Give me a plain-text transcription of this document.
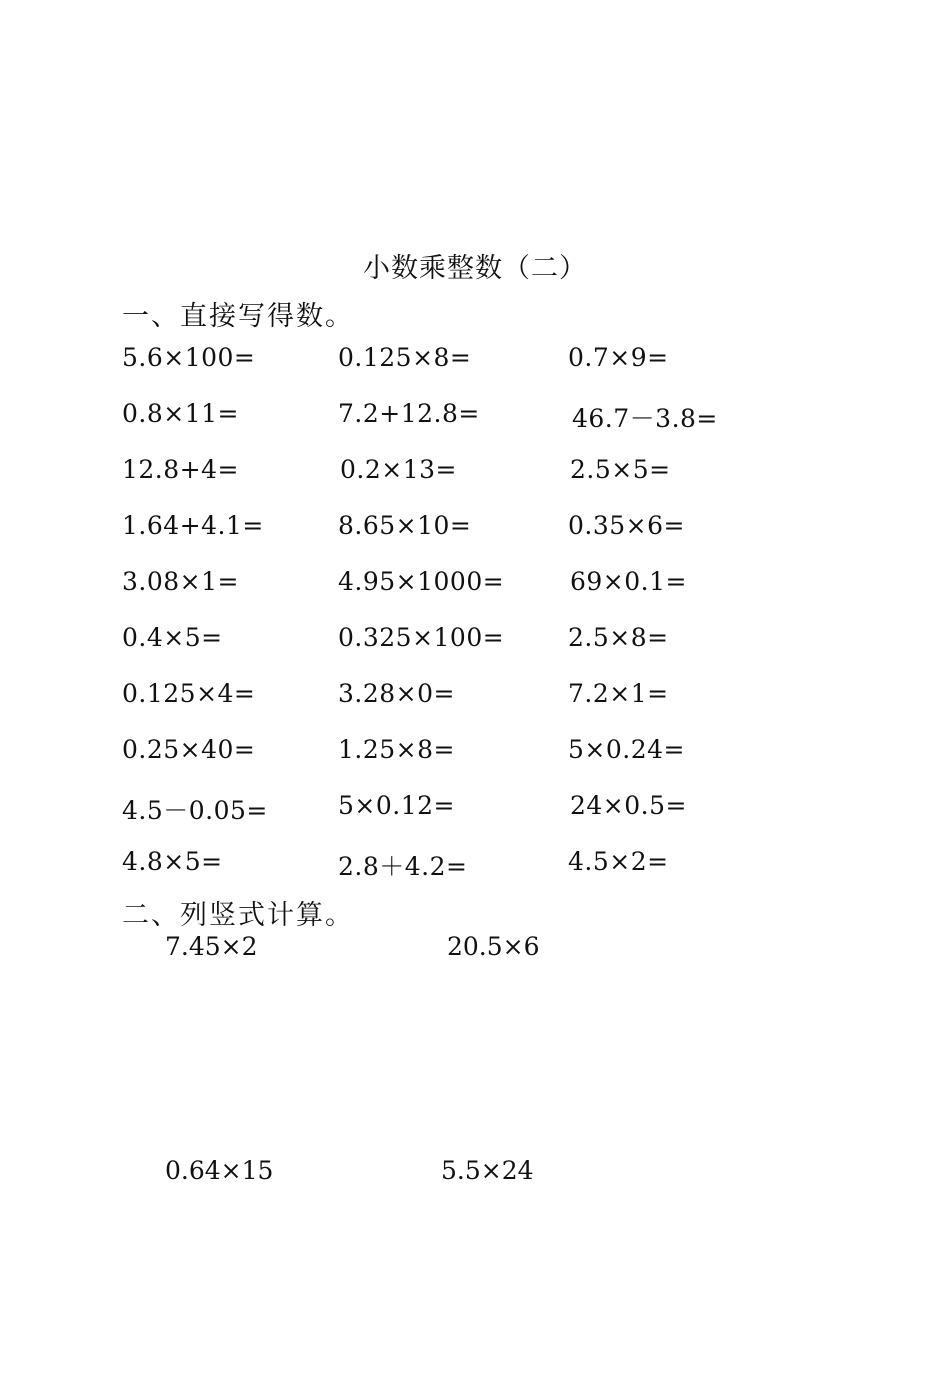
小数乘整数（二）
一、直接写得数。
5.6×100=	0.125×8=	0.7×9=
0.8×11=	7.2+12.8=	46.7－3.8=
12.8+4=	0.2×13=	2.5×5=
1.64+4.1=	8.65×10=	0.35×6=
3.08×1=	4.95×1000=	69×0.1=
0.4×5=	0.325×100=	2.5×8=
0.125×4=	3.28×0=	7.2×1=
0.25×40=	1.25×8=	5×0.24=
4.5－0.05=	5×0.12=	24×0.5=
4.8×5=	2.8＋4.2=	4.5×2=
二、列竖式计算。
7.45×2	20.5×6
0.64×15	5.5×24
